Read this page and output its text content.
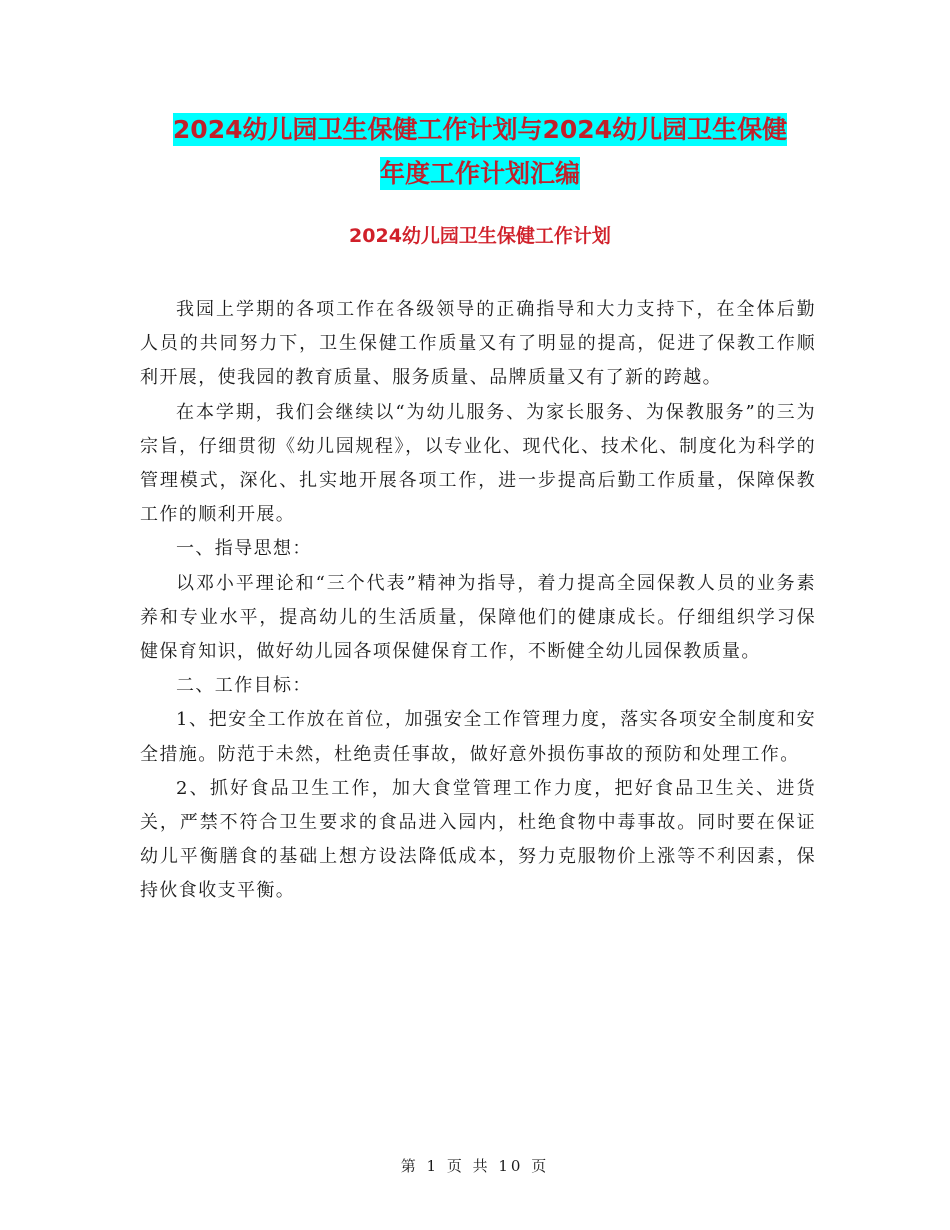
2024幼儿园卫生保健工作计划与2024幼儿园卫生保健
年度工作计划汇编
2024幼儿园卫生保健工作计划

我园上学期的各项工作在各级领导的正确指导和大力支持下，在全体后勤人员的共同努力下，卫生保健工作质量又有了明显的提高，促进了保教工作顺利开展，使我园的教育质量、服务质量、品牌质量又有了新的跨越。

在本学期，我们会继续以“为幼儿服务、为家长服务、为保教服务”的三为宗旨，仔细贯彻《幼儿园规程》，以专业化、现代化、技术化、制度化为科学的管理模式，深化、扎实地开展各项工作，进一步提高后勤工作质量，保障保教工作的顺利开展。

一、指导思想：

以邓小平理论和“三个代表”精神为指导，着力提高全园保教人员的业务素养和专业水平，提高幼儿的生活质量，保障他们的健康成长。仔细组织学习保健保育知识，做好幼儿园各项保健保育工作，不断健全幼儿园保教质量。

二、工作目标：

1、把安全工作放在首位，加强安全工作管理力度，落实各项安全制度和安全措施。防范于未然，杜绝责任事故，做好意外损伤事故的预防和处理工作。

2、抓好食品卫生工作，加大食堂管理工作力度，把好食品卫生关、进货关，严禁不符合卫生要求的食品进入园内，杜绝食物中毒事故。同时要在保证幼儿平衡膳食的基础上想方设法降低成本，努力克服物价上涨等不利因素，保持伙食收支平衡。

第 1 页 共 10 页
